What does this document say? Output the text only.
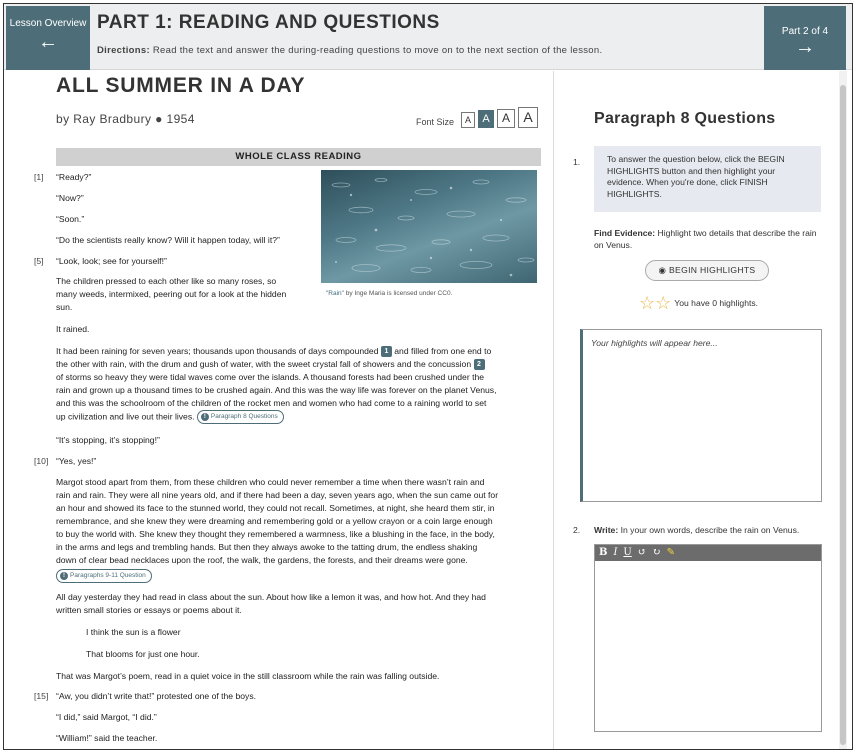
Lesson Overview
←
PART 1: READING AND QUESTIONS
Directions: Read the text and answer the during-reading questions to move on to the next section of the lesson.
Part 2 of 4
→
ALL SUMMER IN A DAY
by Ray Bradbury ● 1954	Font Size	A	A	A A
WHOLE CLASS READING
"Rain" by Inge Maria is licensed under CC0.
[1] “Ready?”
“Now?”
“Soon.”
“Do the scientists really know? Will it happen today, will it?”
[5] “Look, look; see for yourself!”
The children pressed to each other like so many roses, so
many weeds, intermixed, peering out for a look at the hidden
sun.
It rained.
It had been raining for seven years; thousands upon thousands of days compounded 1 and filled from one end to
the other with rain, with the drum and gush of water, with the sweet crystal fall of showers and the concussion 2
of storms so heavy they were tidal waves come over the islands. A thousand forests had been crushed under the
rain and grown up a thousand times to be crushed again. And this was the way life was forever on the planet Venus,
and this was the schoolroom of the children of the rocket men and women who had come to a raining world to set
up civilization and live out their lives. ! Paragraph 8 Questions
“It’s stopping, it’s stopping!”
[10] “Yes, yes!”
Margot stood apart from them, from these children who could never remember a time when there wasn’t rain and
rain and rain. They were all nine years old, and if there had been a day, seven years ago, when the sun came out for
an hour and showed its face to the stunned world, they could not recall. Sometimes, at night, she heard them stir, in
remembrance, and she knew they were dreaming and remembering gold or a yellow crayon or a coin large enough
to buy the world with. She knew they thought they remembered a warmness, like a blushing in the face, in the body,
in the arms and legs and trembling hands. But then they always awoke to the tatting drum, the endless shaking
down of clear bead necklaces upon the roof, the walk, the gardens, the forests, and their dreams were gone.
! Paragraphs 9-11 Question
All day yesterday they had read in class about the sun. About how like a lemon it was, and how hot. And they had
written small stories or essays or poems about it.
I think the sun is a flower
That blooms for just one hour.
That was Margot’s poem, read in a quiet voice in the still classroom while the rain was falling outside.
[15] “Aw, you didn’t write that!” protested one of the boys.
“I did,” said Margot, “I did.”
“William!” said the teacher.
Paragraph 8 Questions
1.	To answer the question below, click the BEGIN HIGHLIGHTS button and then highlight your evidence. When you're done, click FINISH HIGHLIGHTS.
Find Evidence: Highlight two details that describe the rain on Venus.
◉ BEGIN HIGHLIGHTS
☆ ☆ You have 0 highlights.
Your highlights will appear here...
2. Write: In your own words, describe the rain on Venus.
B I U ↺ ↻ ✎
